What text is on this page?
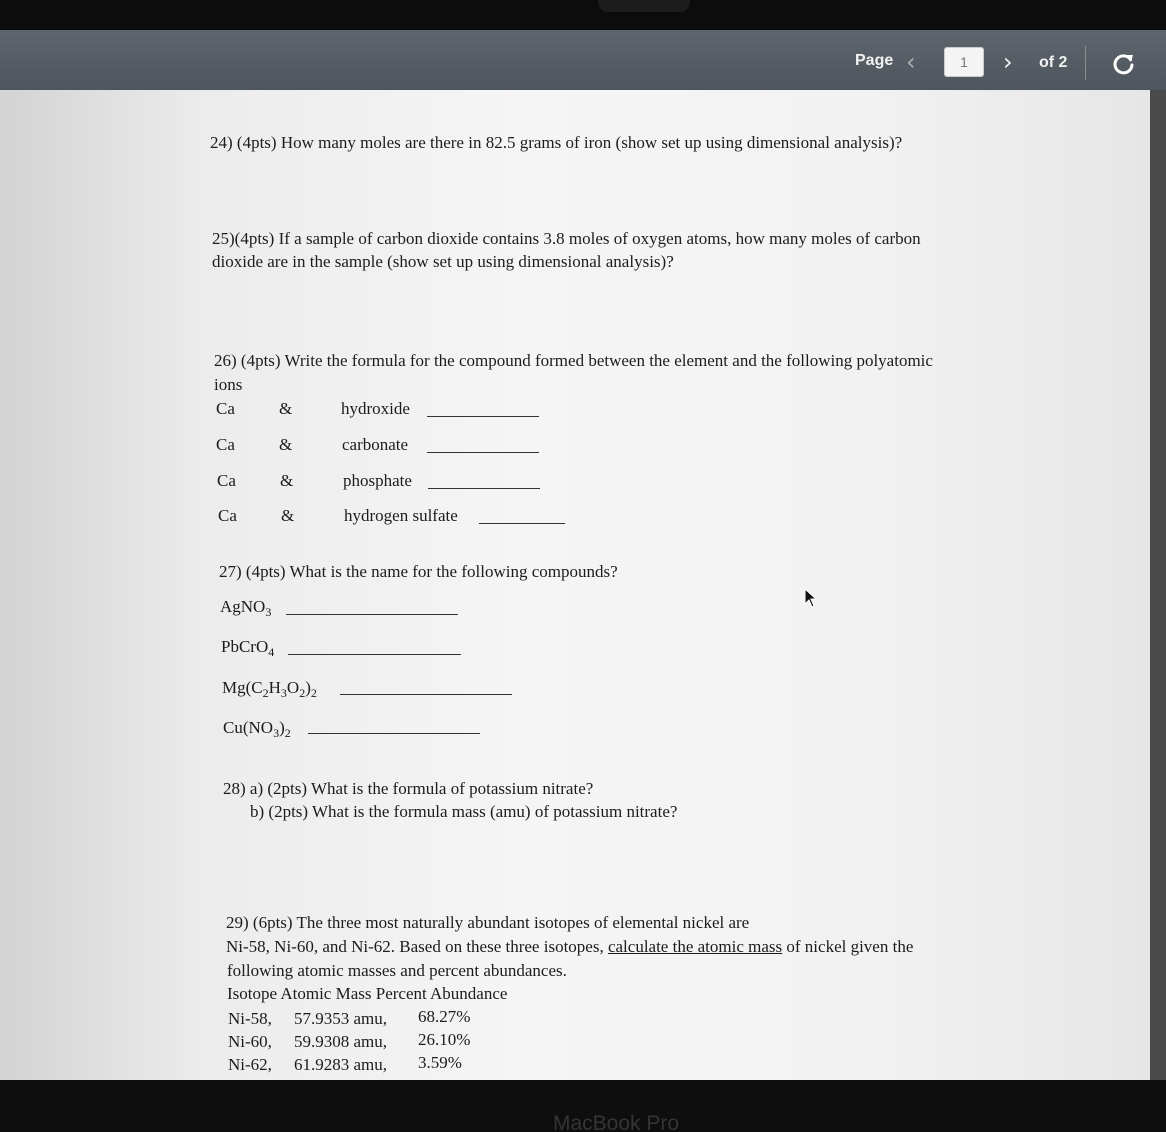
Page ‹
1	› of 2
24) (4pts) How many moles are there in 82.5 grams of iron (show set up using dimensional analysis)?
25)(4pts) If a sample of carbon dioxide contains 3.8 moles of oxygen atoms, how many moles of carbon
dioxide are in the sample (show set up using dimensional analysis)?
26) (4pts) Write the formula for the compound formed between the element and the following polyatomic
ions
Ca	&	hydroxide
Ca	&	carbonate
Ca	&	phosphate
Ca	&	hydrogen sulfate
27) (4pts) What is the name for the following compounds?
AgNO$_3$
PbCrO$_4$
$Mg(C_2H_3O_2)_2$
$Cu(NO_3)_2$
28) a) (2pts) What is the formula of potassium nitrate?
b) (2pts) What is the formula mass (amu) of potassium nitrate?
29) (6pts) The three most naturally abundant isotopes of elemental nickel are
Ni-58, Ni-60, and Ni-62. Based on these three isotopes, calculate the atomic mass of nickel given the
following atomic masses and percent abundances.
Isotope Atomic Mass Percent Abundance
Ni-58, 57.9353 amu, 68.27%
Ni-60, 59.9308 amu, 26.10%
Ni-62, 61.9283 amu, 3.59%
MacBook Pro
